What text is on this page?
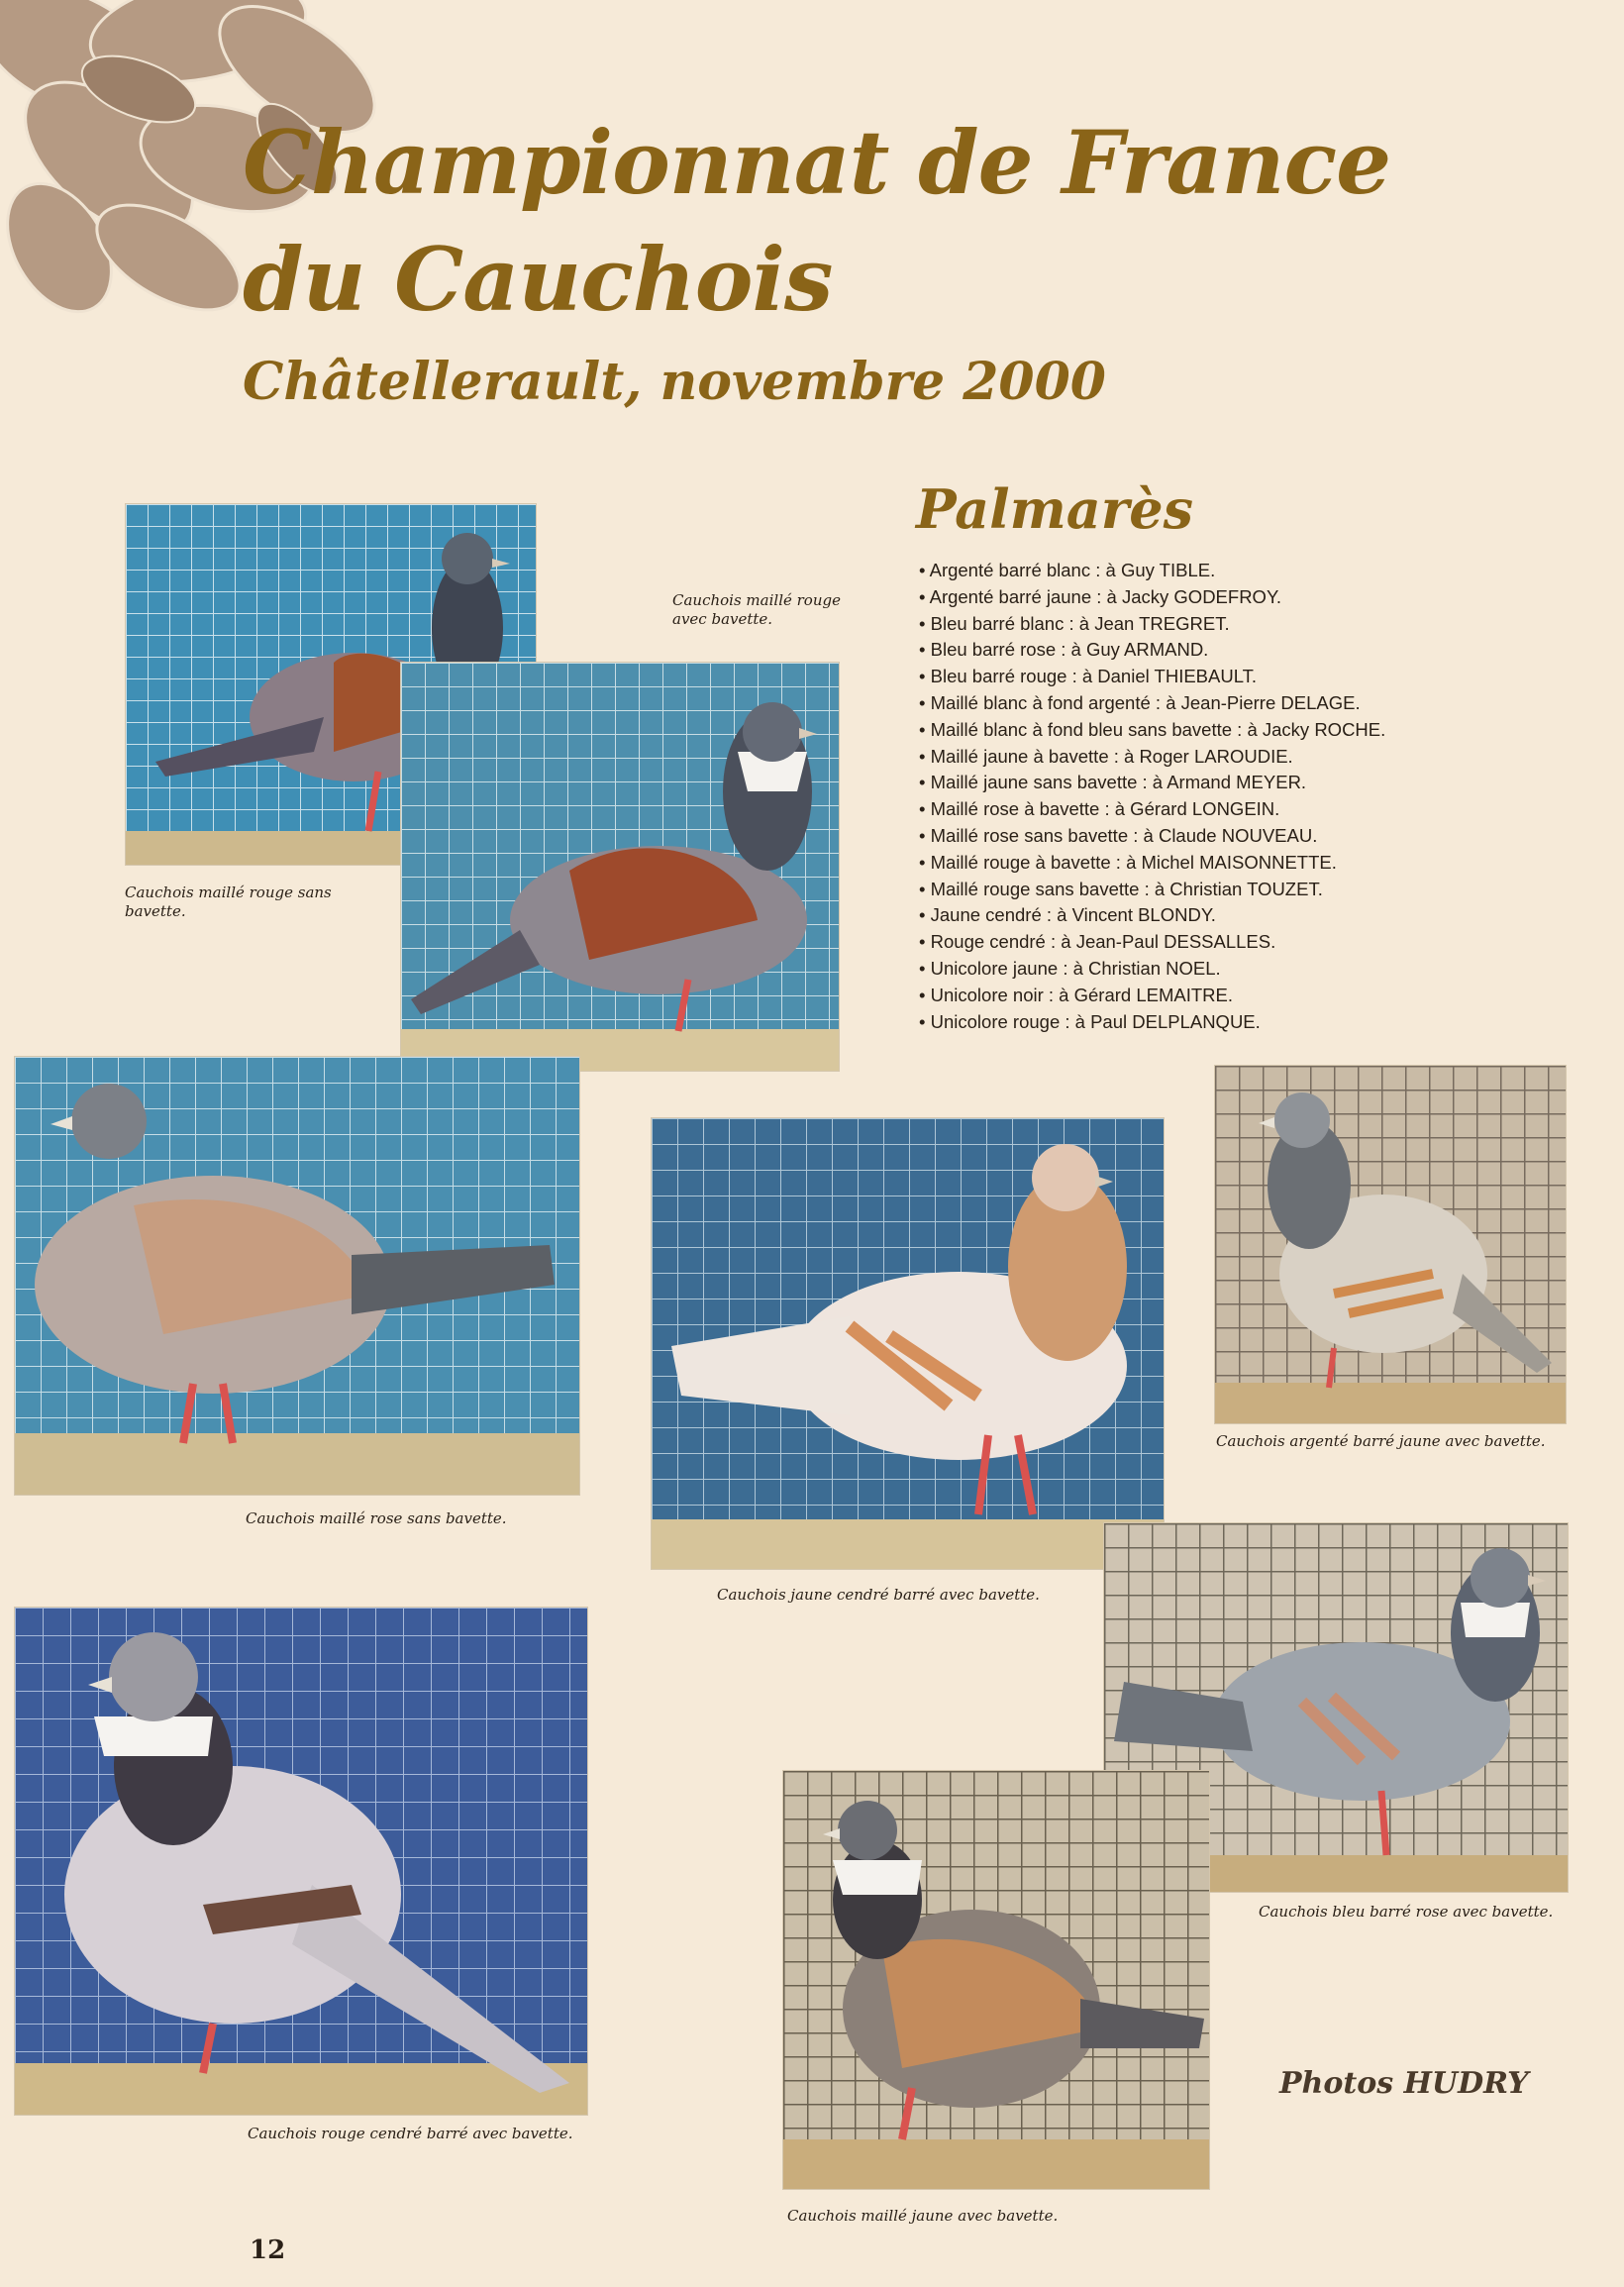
Championnat de France
du Cauchois
Châtellerault, novembre 2000
Palmarès
• Argenté barré blanc : à Guy TIBLE.
• Argenté barré jaune : à Jacky GODEFROY.
• Bleu barré blanc : à Jean TREGRET.
• Bleu barré rose : à Guy ARMAND.
• Bleu barré rouge : à Daniel THIEBAULT.
• Maillé blanc à fond argenté : à Jean-Pierre DELAGE.
• Maillé blanc à fond bleu sans bavette : à Jacky ROCHE.
• Maillé jaune à bavette : à Roger LAROUDIE.
• Maillé jaune sans bavette : à Armand MEYER.
• Maillé rose à bavette : à Gérard LONGEIN.
• Maillé rose sans bavette : à Claude NOUVEAU.
• Maillé rouge à bavette : à Michel MAISONNETTE.
• Maillé rouge sans bavette : à Christian TOUZET.
• Jaune cendré : à Vincent BLONDY.
• Rouge cendré : à Jean-Paul DESSALLES.
• Unicolore jaune : à Christian NOEL.
• Unicolore noir : à Gérard LEMAITRE.
• Unicolore rouge : à Paul DELPLANQUE.

Cauchois maillé rouge sans bavette.

Cauchois maillé rouge avec bavette.

Cauchois maillé rose sans bavette.

Cauchois jaune cendré barré avec bavette.

Cauchois argenté barré jaune avec bavette.

Cauchois rouge cendré barré avec bavette.

Cauchois bleu barré rose avec bavette.

Cauchois maillé jaune avec bavette.

Photos HUDRY

12
